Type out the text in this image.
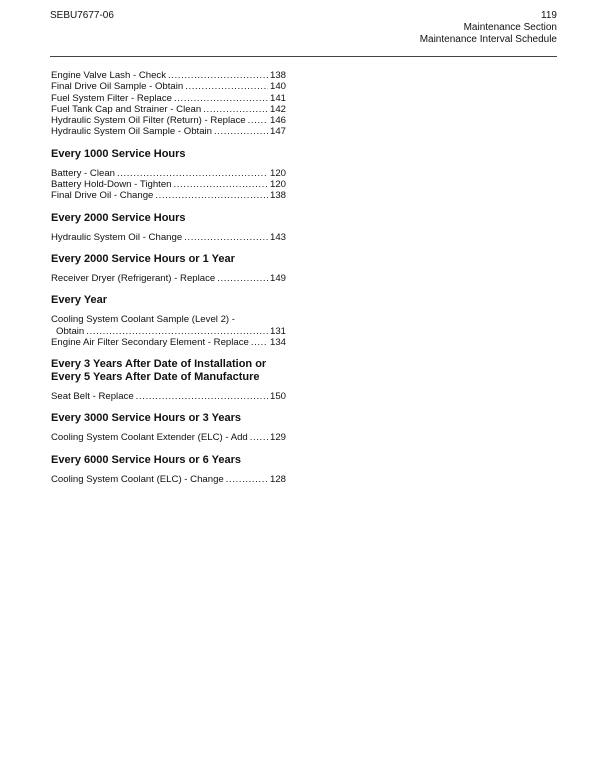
SEBU7677-06	119
Maintenance Section
Maintenance Interval Schedule
Engine Valve Lash - Check .....	138
Final Drive Oil Sample - Obtain .....	140
Fuel System Filter - Replace .....	141
Fuel Tank Cap and Strainer - Clean .....	142
Hydraulic System Oil Filter (Return) - Replace .....	146
Hydraulic System Oil Sample - Obtain .....	147
Every 1000 Service Hours
Battery - Clean .....	120
Battery Hold-Down - Tighten .....	120
Final Drive Oil - Change .....	138
Every 2000 Service Hours
Hydraulic System Oil - Change .....	143
Every 2000 Service Hours or 1 Year
Receiver Dryer (Refrigerant) - Replace .....	149
Every Year
Cooling System Coolant Sample (Level 2) -
Obtain .....	131
Engine Air Filter Secondary Element - Replace ..... 134
Every 3 Years After Date of Installation or
Every 5 Years After Date of Manufacture
Seat Belt - Replace .....	150
Every 3000 Service Hours or 3 Years
Cooling System Coolant Extender (ELC) - Add ..... 129
Every 6000 Service Hours or 6 Years
Cooling System Coolant (ELC) - Change .....	128
